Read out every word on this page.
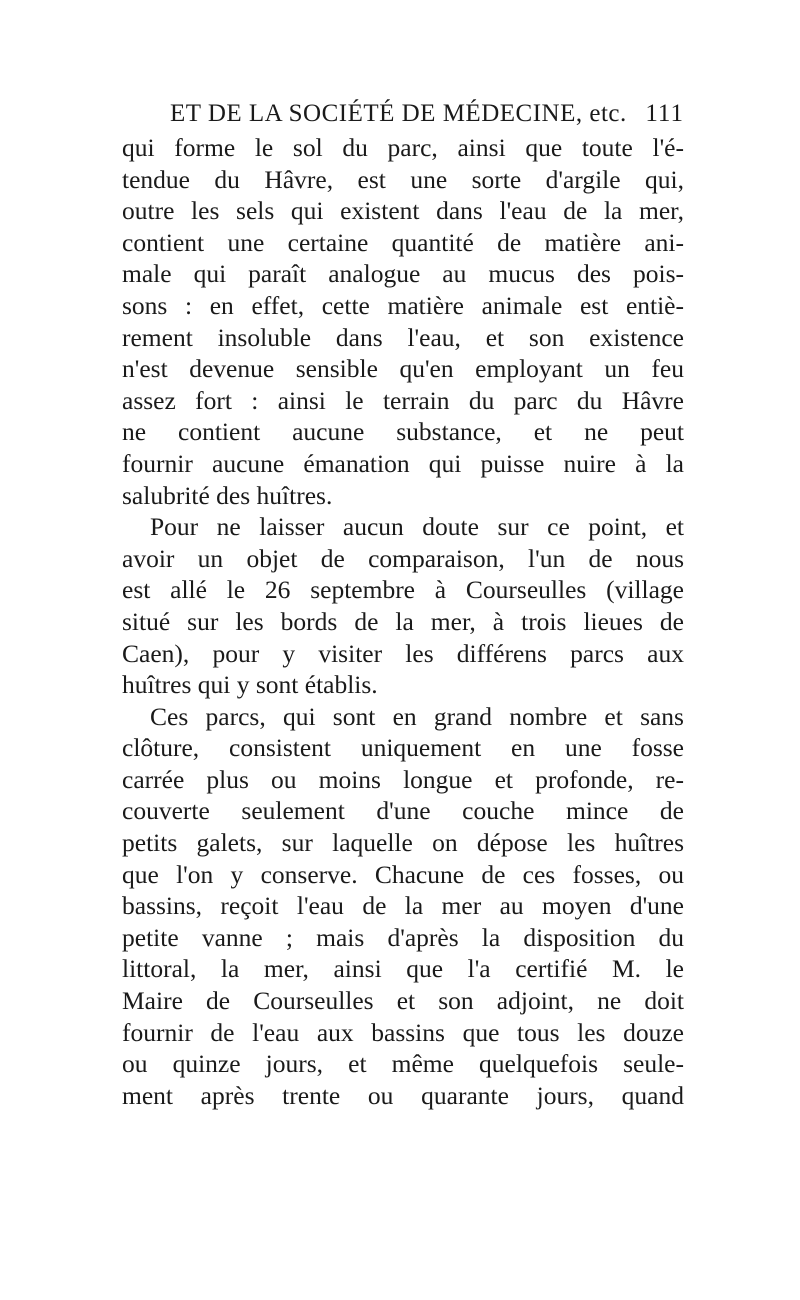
ET DE LA SOCIÉTÉ DE MÉDECINE, etc. 111
qui forme le sol du parc, ainsi que toute l'é-
tendue du Hâvre, est une sorte d'argile qui,
outre les sels qui existent dans l'eau de la mer,
contient une certaine quantité de matière ani-
male qui paraît analogue au mucus des pois-
sons : en effet, cette matière animale est entiè-
rement insoluble dans l'eau, et son existence
n'est devenue sensible qu'en employant un feu
assez fort : ainsi le terrain du parc du Hâvre
ne contient aucune substance, et ne peut
fournir aucune émanation qui puisse nuire à la
salubrité des huîtres.
Pour ne laisser aucun doute sur ce point, et
avoir un objet de comparaison, l'un de nous
est allé le 26 septembre à Courseulles (village
situé sur les bords de la mer, à trois lieues de
Caen), pour y visiter les différens parcs aux
huîtres qui y sont établis.
Ces parcs, qui sont en grand nombre et sans
clôture, consistent uniquement en une fosse
carrée plus ou moins longue et profonde, re-
couverte seulement d'une couche mince de
petits galets, sur laquelle on dépose les huîtres
que l'on y conserve. Chacune de ces fosses, ou
bassins, reçoit l'eau de la mer au moyen d'une
petite vanne ; mais d'après la disposition du
littoral, la mer, ainsi que l'a certifié M. le
Maire de Courseulles et son adjoint, ne doit
fournir de l'eau aux bassins que tous les douze
ou quinze jours, et même quelquefois seule-
ment après trente ou quarante jours, quand
